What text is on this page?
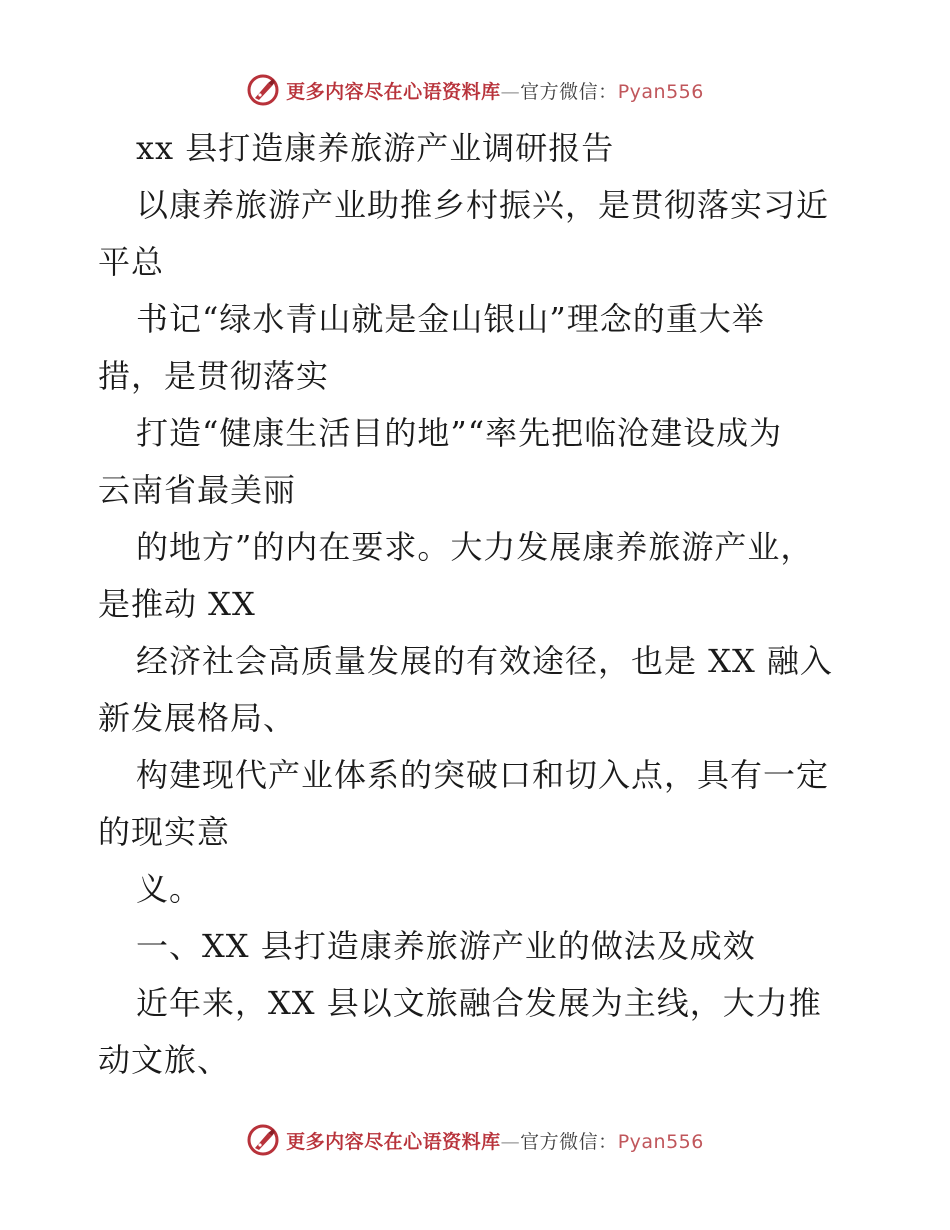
更多内容尽在心语资料库—官方微信：Pyan556
xx 县打造康养旅游产业调研报告
以康养旅游产业助推乡村振兴，是贯彻落实习近
平总
书记“绿水青山就是金山银山”理念的重大举
措，是贯彻落实
打造“健康生活目的地”“率先把临沧建设成为
云南省最美丽
的地方”的内在要求。大力发展康养旅游产业，
是推动 XX
经济社会高质量发展的有效途径，也是 XX 融入
新发展格局、
构建现代产业体系的突破口和切入点，具有一定
的现实意
义。
一、XX 县打造康养旅游产业的做法及成效
近年来，XX 县以文旅融合发展为主线，大力推
动文旅、
更多内容尽在心语资料库—官方微信：Pyan556
